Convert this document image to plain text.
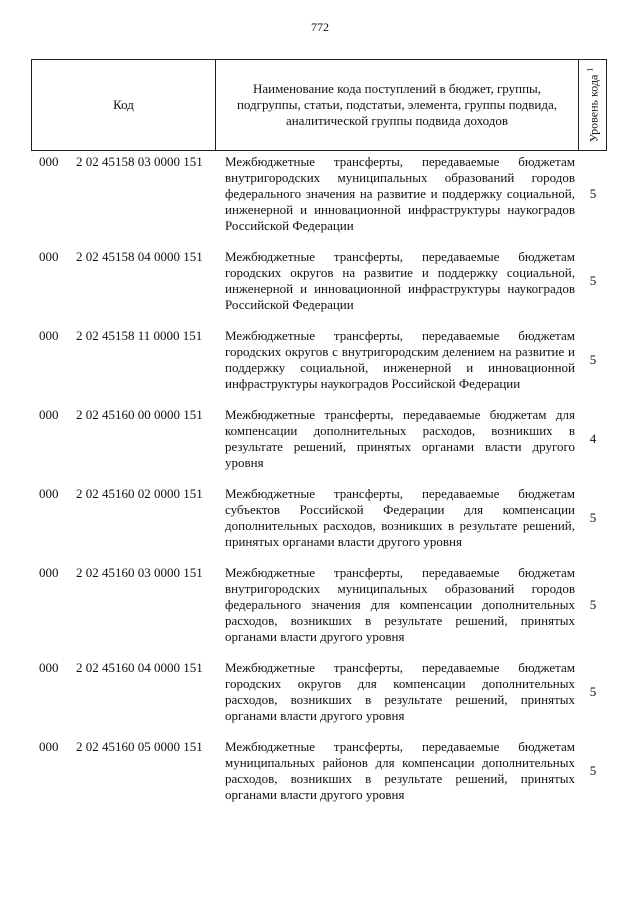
772
Код
Наименование кода поступлений в бюджет, группы, подгруппы, статьи, подстатьи, элемента, группы подвида, аналитической группы подвида доходов	Уровень кода $^1$
000 2 02 45158 03 0000 151 Межбюджетные трансферты, передаваемые бюджетам внутригородских муниципальных образований городов федерального значения на развитие и поддержку социальной, инженерной и инновационной инфраструктуры наукоградов Российской Федерации
5
000 2 02 45158 04 0000 151 Межбюджетные трансферты, передаваемые бюджетам городских округов на развитие и поддержку социальной, инженерной и инновационной инфраструктуры наукоградов Российской Федерации
5
000 2 02 45158 11 0000 151 Межбюджетные трансферты, передаваемые бюджетам городских округов с внутригородским делением на развитие и поддержку социальной, инженерной и инновационной инфраструктуры наукоградов Российской Федерации
5
000 2 02 45160 00 0000 151 Межбюджетные трансферты, передаваемые бюджетам для компенсации дополнительных расходов, возникших в результате решений, принятых органами власти другого уровня
4
000 2 02 45160 02 0000 151 Межбюджетные трансферты, передаваемые бюджетам субъектов Российской Федерации для компенсации дополнительных расходов, возникших в результате решений, принятых органами власти другого уровня
5
000 2 02 45160 03 0000 151 Межбюджетные трансферты, передаваемые бюджетам внутригородских муниципальных образований городов федерального значения для компенсации дополнительных расходов, возникших в результате решений, принятых органами власти другого уровня
5
000 2 02 45160 04 0000 151 Межбюджетные трансферты, передаваемые бюджетам городских округов для компенсации дополнительных расходов, возникших в результате решений, принятых органами власти другого уровня
5
000 2 02 45160 05 0000 151 Межбюджетные трансферты, передаваемые бюджетам муниципальных районов для компенсации дополнительных расходов, возникших в результате решений, принятых органами власти другого уровня
5
